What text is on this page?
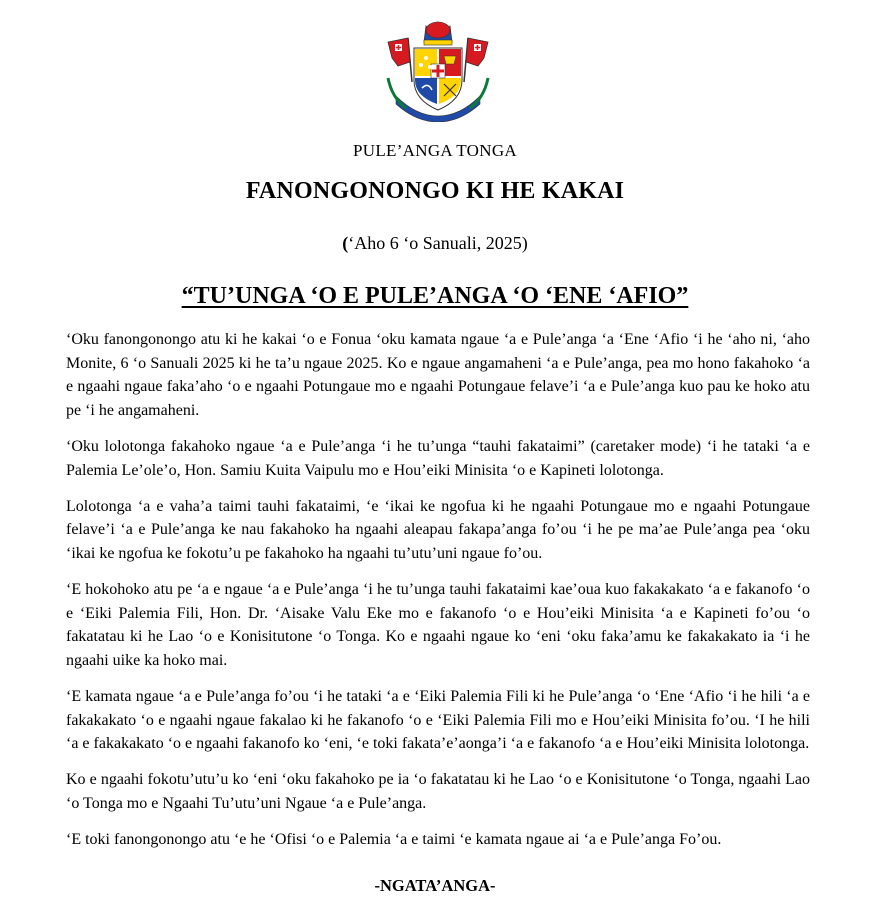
PULE’ANGA TONGA
FANONGONONGO KI HE KAKAI
(‘Aho 6 ‘o Sanuali, 2025)
“TU’UNGA ‘O E PULE’ANGA ‘O ‘ENE ‘AFIO”

‘Oku fanongonongo atu ki he kakai ‘o e Fonua ‘oku kamata ngaue ‘a e Pule’anga ‘a ‘Ene ‘Afio ‘i he ‘aho ni, ‘aho Monite, 6 ‘o Sanuali 2025 ki he ta’u ngaue 2025. Ko e ngaue angamaheni ‘a e Pule’anga, pea mo hono fakahoko ‘a e ngaahi ngaue faka’aho ‘o e ngaahi Potungaue mo e ngaahi Potungaue felave’i ‘a e Pule’anga kuo pau ke hoko atu pe ‘i he angamaheni.

‘Oku lolotonga fakahoko ngaue ‘a e Pule’anga ‘i he tu’unga “tauhi fakataimi” (caretaker mode) ‘i he tataki ‘a e Palemia Le’ole’o, Hon. Samiu Kuita Vaipulu mo e Hou’eiki Minisita ‘o e Kapineti lolotonga.

Lolotonga ‘a e vaha’a taimi tauhi fakataimi, ‘e ‘ikai ke ngofua ki he ngaahi Potungaue mo e ngaahi Potungaue felave’i ‘a e Pule’anga ke nau fakahoko ha ngaahi aleapau fakapa’anga fo’ou ‘i he pe ma’ae Pule’anga pea ‘oku ‘ikai ke ngofua ke fokotu’u pe fakahoko ha ngaahi tu’utu’uni ngaue fo’ou.

‘E hokohoko atu pe ‘a e ngaue ‘a e Pule’anga ‘i he tu’unga tauhi fakataimi kae’oua kuo fakakakato ‘a e fakanofo ‘o e ‘Eiki Palemia Fili, Hon. Dr. ‘Aisake Valu Eke mo e fakanofo ‘o e Hou’eiki Minisita ‘a e Kapineti fo’ou ‘o fakatatau ki he Lao ‘o e Konisitutone ‘o Tonga. Ko e ngaahi ngaue ko ‘eni ‘oku faka’amu ke fakakakato ia ‘i he ngaahi uike ka hoko mai.

‘E kamata ngaue ‘a e Pule’anga fo’ou ‘i he tataki ‘a e ‘Eiki Palemia Fili ki he Pule’anga ‘o ‘Ene ‘Afio ‘i he hili ‘a e fakakakato ‘o e ngaahi ngaue fakalao ki he fakanofo ‘o e ‘Eiki Palemia Fili mo e Hou’eiki Minisita fo’ou. ‘I he hili ‘a e fakakakato ‘o e ngaahi fakanofo ko ‘eni, ‘e toki fakata’e’aonga’i ‘a e fakanofo ‘a e Hou’eiki Minisita lolotonga.

Ko e ngaahi fokotu’utu’u ko ‘eni ‘oku fakahoko pe ia ‘o fakatatau ki he Lao ‘o e Konisitutone ‘o Tonga, ngaahi Lao ‘o Tonga mo e Ngaahi Tu’utu’uni Ngaue ‘a e Pule’anga.

‘E toki fanongonongo atu ‘e he ‘Ofisi ‘o e Palemia ‘a e taimi ‘e kamata ngaue ai ‘a e Pule’anga Fo’ou.

-NGATA’ANGA-
